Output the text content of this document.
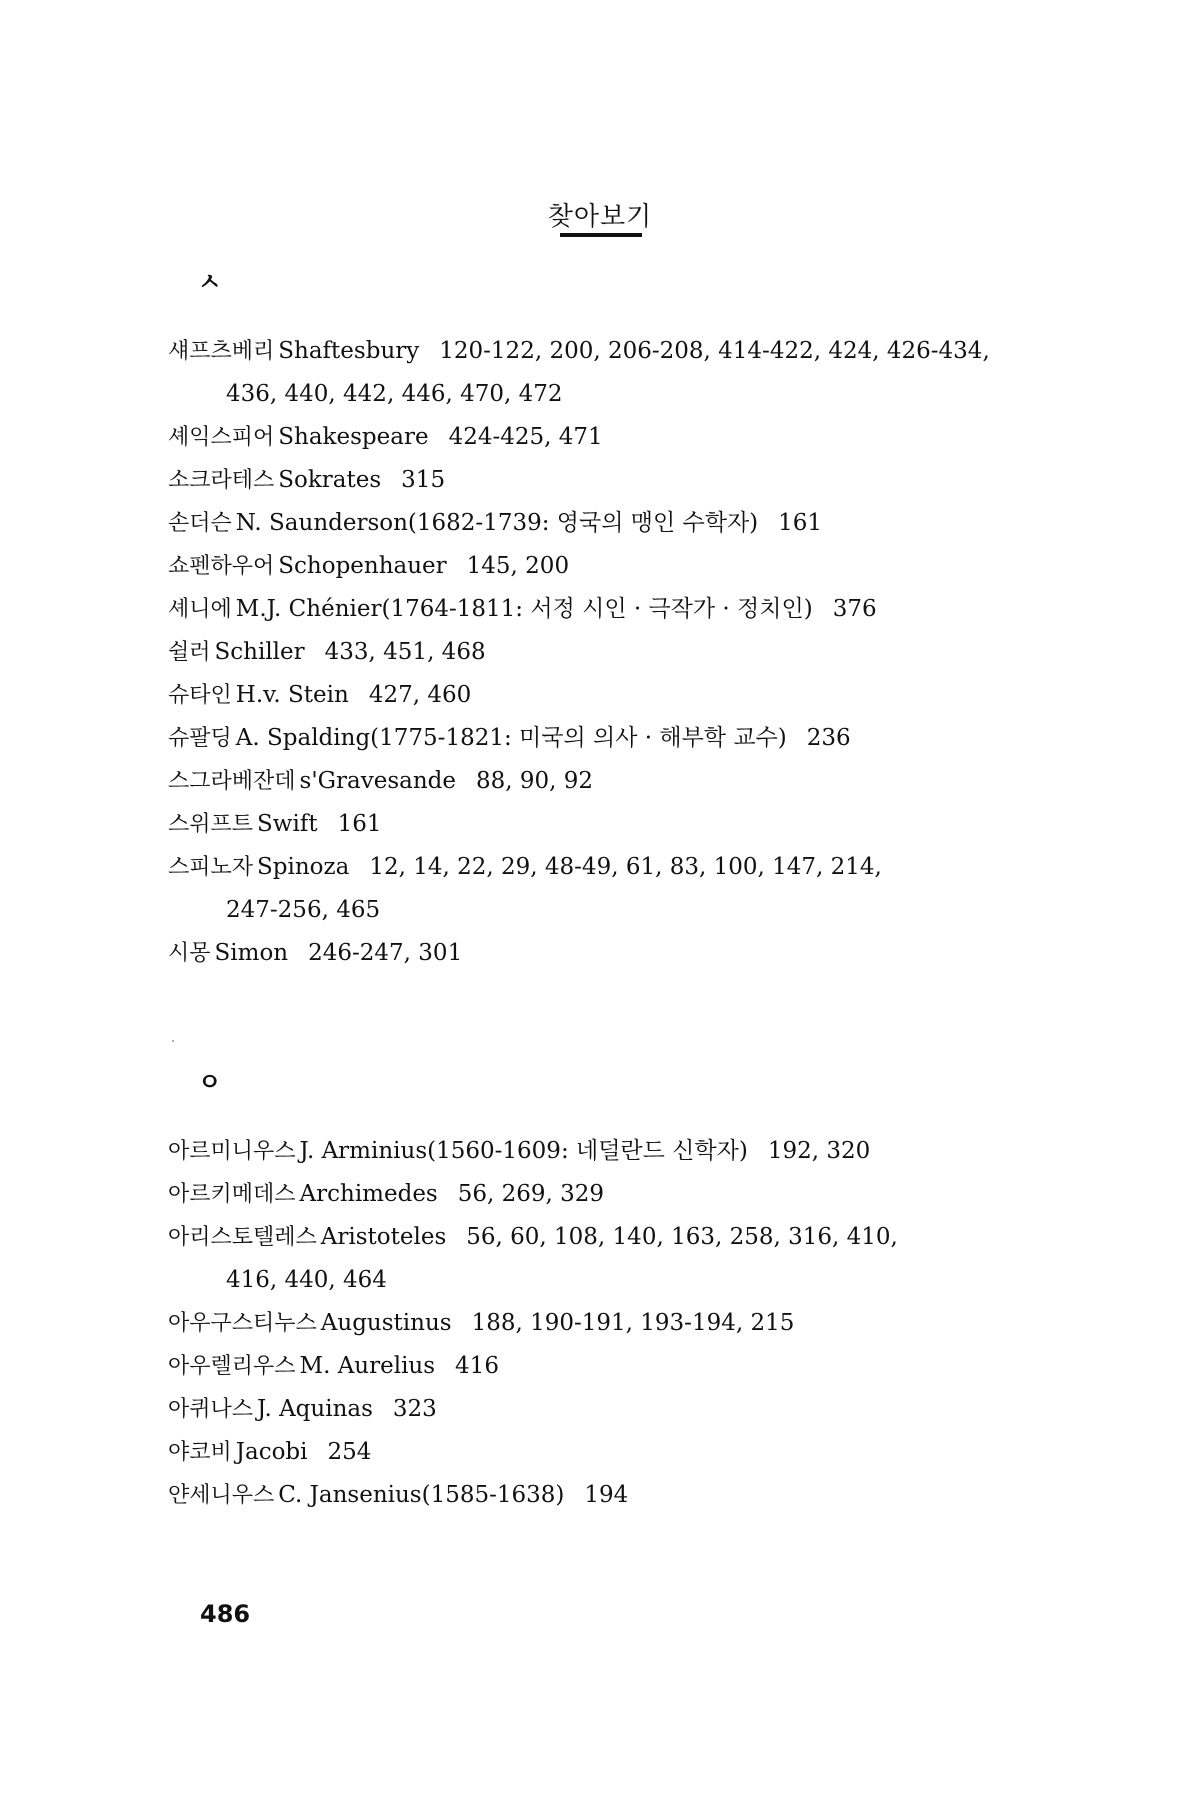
찾아보기
ㅅ
섀프츠베리 Shaftesbury 120-122, 200, 206-208, 414-422, 424, 426-434,
436, 440, 442, 446, 470, 472
셰익스피어 Shakespeare 424-425, 471
소크라테스 Sokrates 315
손더슨 N. Saunderson(1682-1739: 영국의 맹인 수학자) 161
쇼펜하우어 Schopenhauer 145, 200
셰니에 M.J. Chénier(1764-1811: 서정 시인 · 극작가 · 정치인) 376
쉴러 Schiller 433, 451, 468
슈타인 H.v. Stein 427, 460
슈팔딩 A. Spalding(1775-1821: 미국의 의사 · 해부학 교수) 236
스그라베잔데 s'Gravesande 88, 90, 92
스위프트 Swift 161
스피노자 Spinoza 12, 14, 22, 29, 48-49, 61, 83, 100, 147, 214,
247-256, 465
시몽 Simon 246-247, 301
ㅇ
아르미니우스 J. Arminius(1560-1609: 네덜란드 신학자) 192, 320
아르키메데스 Archimedes 56, 269, 329
아리스토텔레스 Aristoteles 56, 60, 108, 140, 163, 258, 316, 410,
416, 440, 464
아우구스티누스 Augustinus 188, 190-191, 193-194, 215
아우렐리우스 M. Aurelius 416
아퀴나스 J. Aquinas 323
야코비 Jacobi 254
얀세니우스 C. Jansenius(1585-1638) 194
486
